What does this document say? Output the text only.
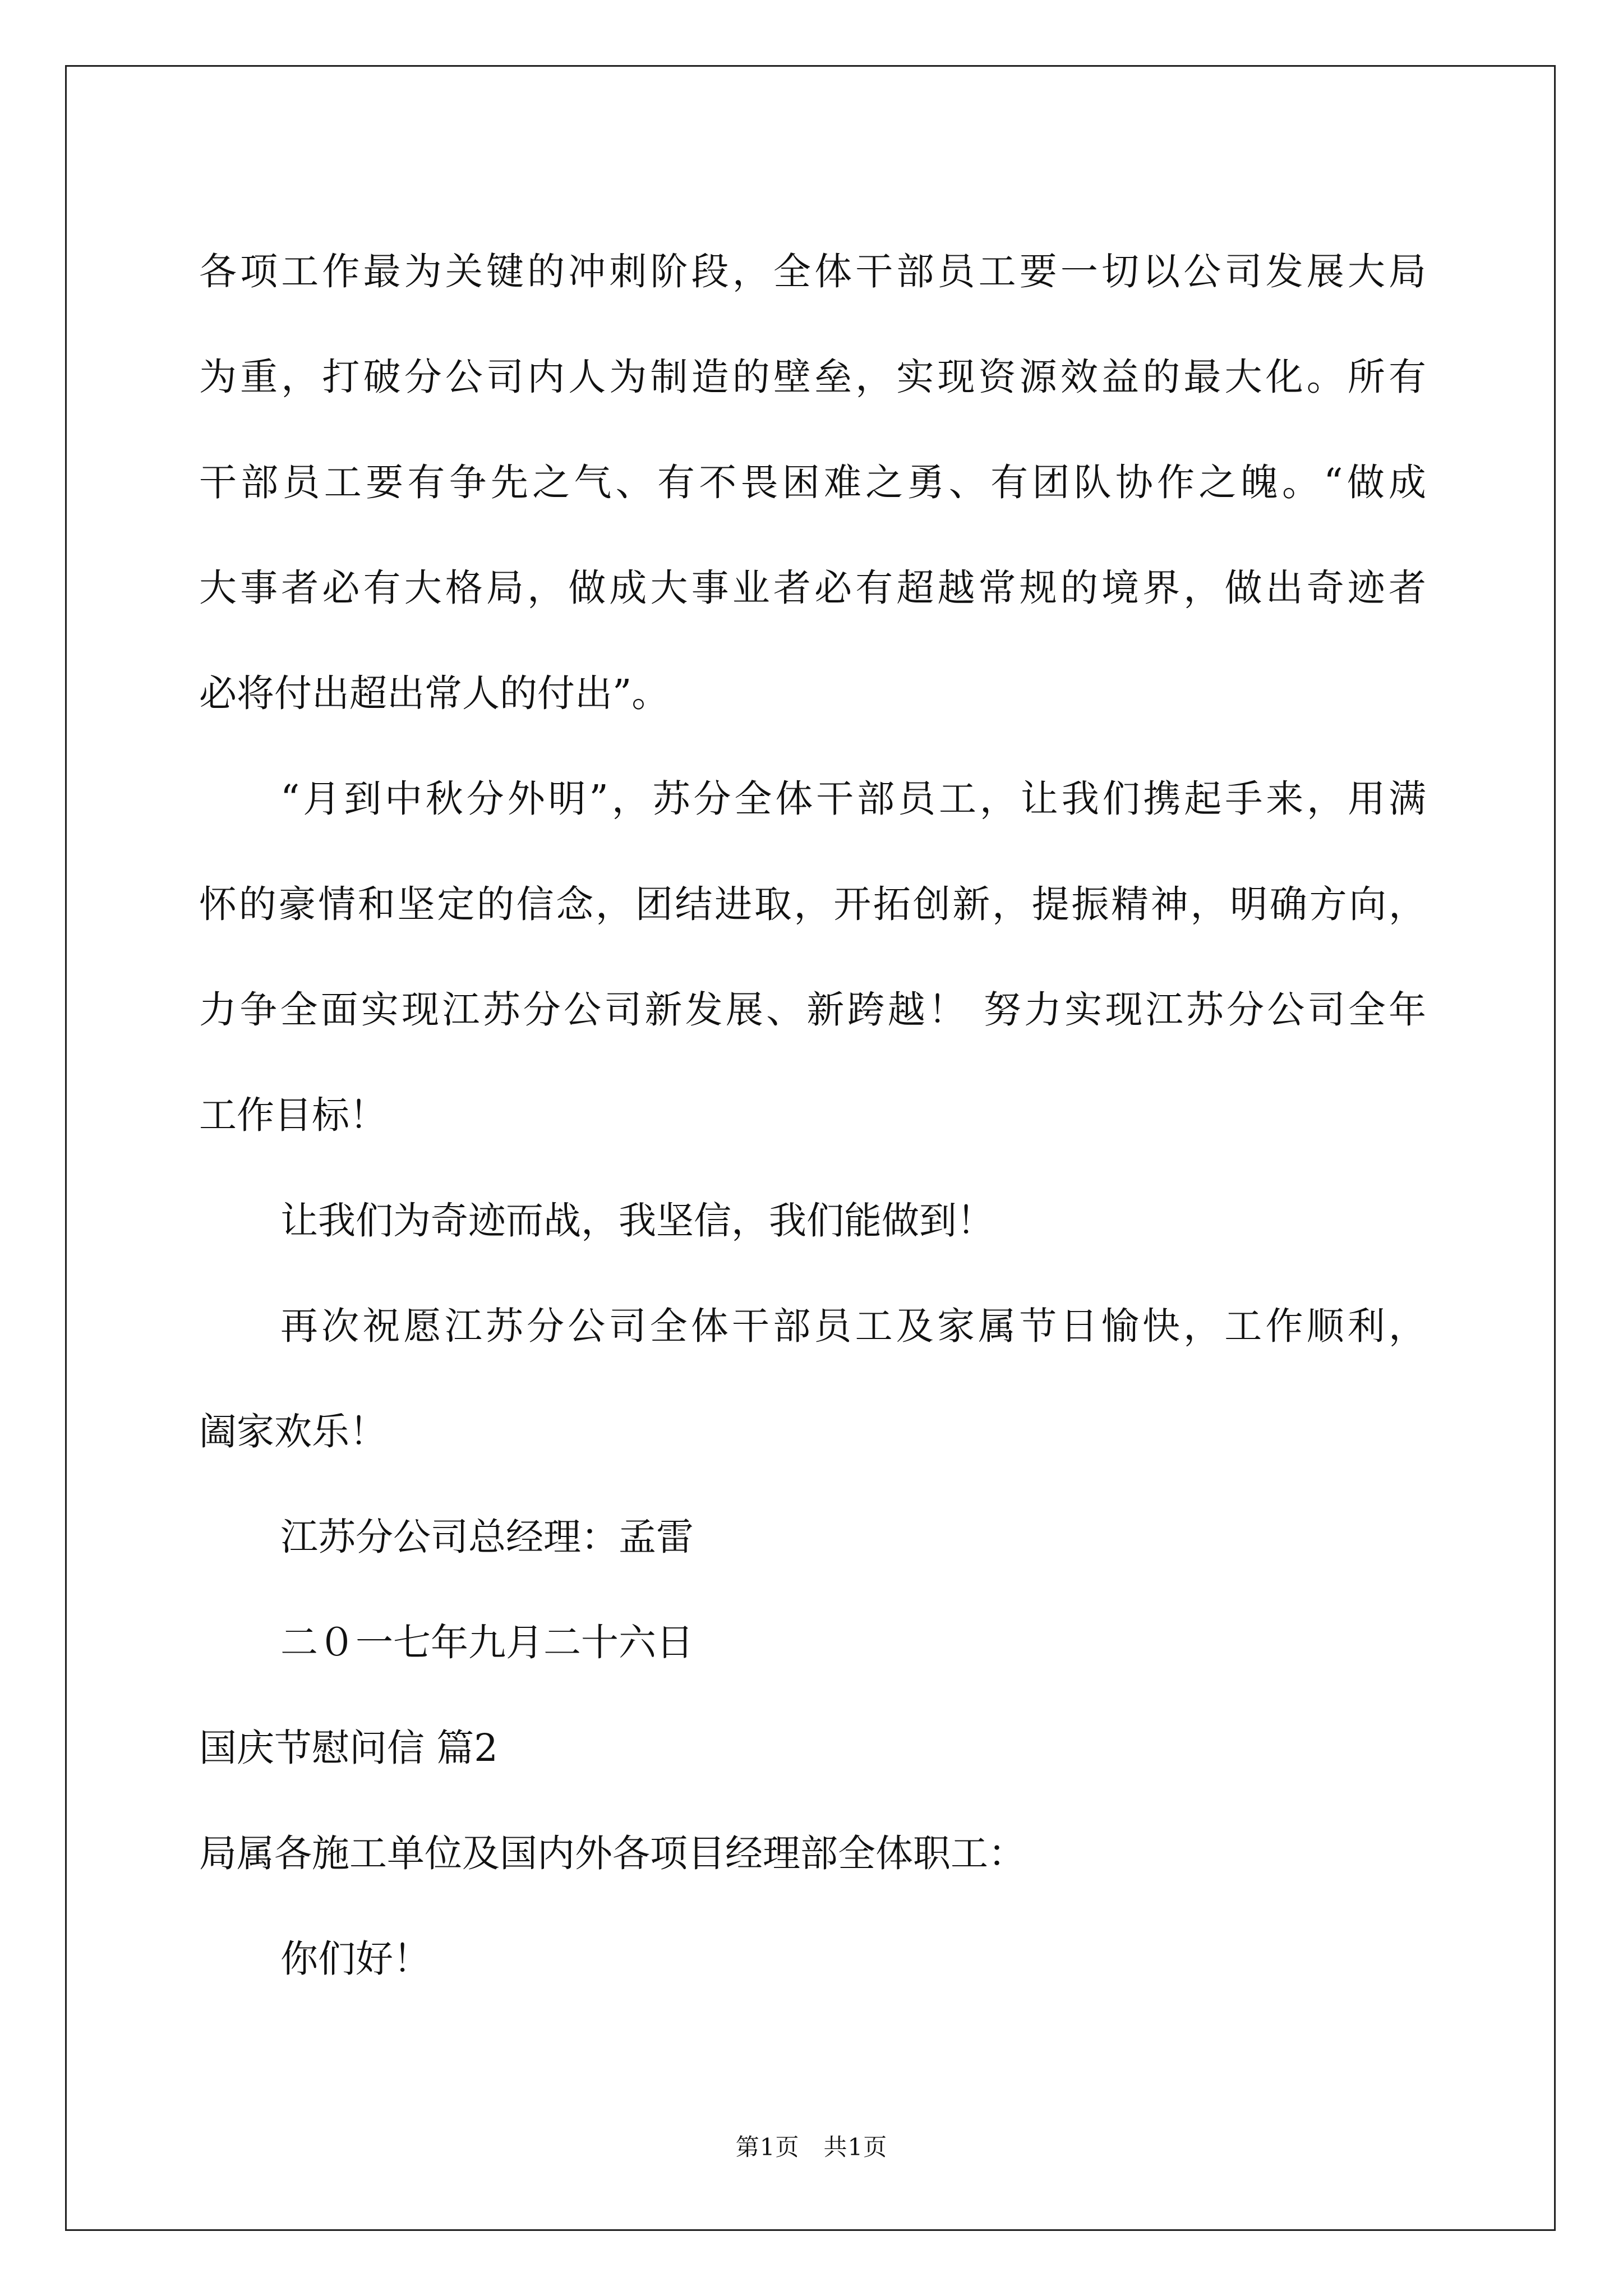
各项工作最为关键的冲刺阶段，全体干部员工要一切以公司发展大局
为重，打破分公司内人为制造的壁垒，实现资源效益的最大化。所有
干部员工要有争先之气、有不畏困难之勇、有团队协作之魄。“做成
大事者必有大格局，做成大事业者必有超越常规的境界，做出奇迹者
必将付出超出常人的付出”。
“月到中秋分外明”，苏分全体干部员工，让我们携起手来，用满
怀的豪情和坚定的信念，团结进取，开拓创新，提振精神，明确方向，
力争全面实现江苏分公司新发展、新跨越！ 努力实现江苏分公司全年
工作目标！
让我们为奇迹而战，我坚信，我们能做到！
再次祝愿江苏分公司全体干部员工及家属节日愉快，工作顺利，
阖家欢乐！
江苏分公司总经理：孟雷
二０一七年九月二十六日
国庆节慰问信 篇2
局属各施工单位及国内外各项目经理部全体职工：
你们好！
第1页　共1页
